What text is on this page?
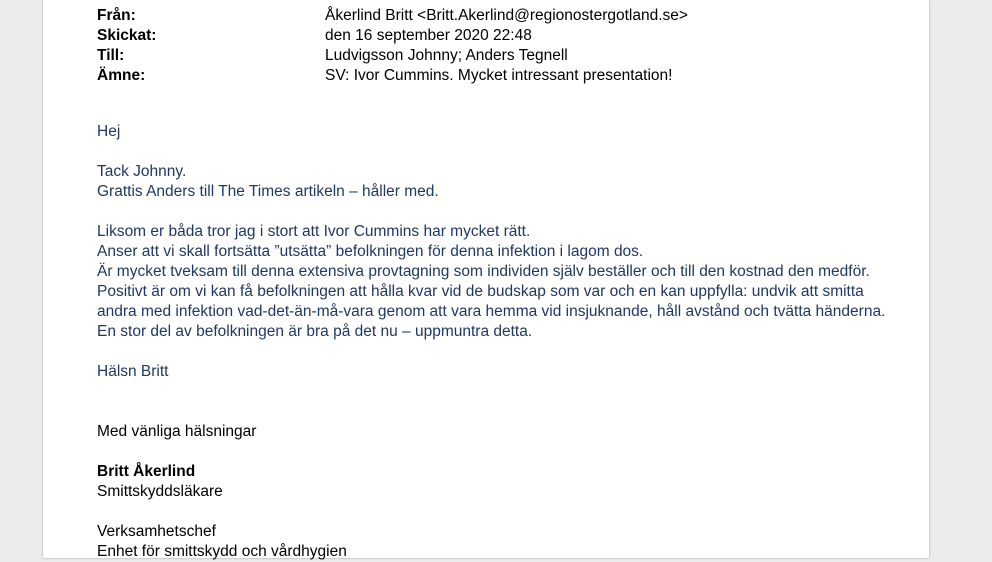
Från:	Åkerlind Britt <Britt.Akerlind@regionostergotland.se>
Skickat:	den 16 september 2020 22:48
Till:	Ludvigsson Johnny; Anders Tegnell
Ämne:	SV: Ivor Cummins. Mycket intressant presentation!
Hej
Tack Johnny.
Grattis Anders till The Times artikeln – håller med.
Liksom er båda tror jag i stort att Ivor Cummins har mycket rätt.
Anser att vi skall fortsätta ”utsätta” befolkningen för denna infektion i lagom dos.
Är mycket tveksam till denna extensiva provtagning som individen själv beställer och till den kostnad den medför.
Positivt är om vi kan få befolkningen att hålla kvar vid de budskap som var och en kan uppfylla: undvik att smitta
andra med infektion vad-det-än-må-vara genom att vara hemma vid insjuknande, håll avstånd och tvätta händerna.
En stor del av befolkningen är bra på det nu – uppmuntra detta.
Hälsn Britt
Med vänliga hälsningar
Britt Åkerlind
Smittskyddsläkare
Verksamhetschef
Enhet för smittskydd och vårdhygien
